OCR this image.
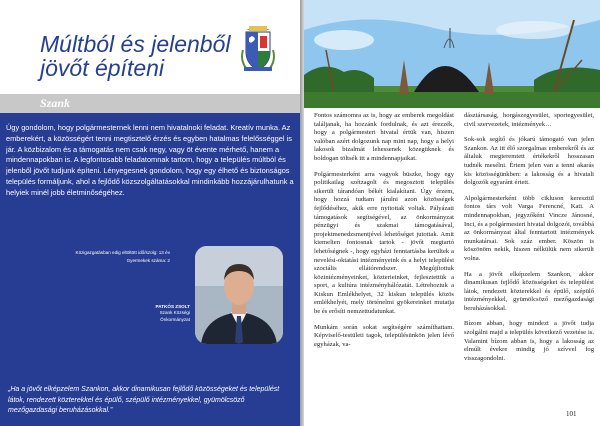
Múltból és jelenből
jövőt építeni
Szank

Úgy gondolom, hogy polgármesternek lenni nem hivatalnoki feladat. Kreatív munka. Az emberekért, a közösségért tenni megtisztelő érzés és egyben hatalmas felelősséggel is jár. A közbizalom és a támogatás nem csak negy, vagy öt évente mérhető, hanem a mindennapokban is. A legfontosabb feladatomnak tartom, hogy a település múltból és jelenből jövőt tudjunk építeni. Lényegesnek gondolom, hogy egy élhető és biztonságos település formáljunk, ahol a fejlődő közszolgáltatásokkal mindinkább hozzájárulhatunk a helyiek minél jobb életminőségéhez.

PATKÓS ZSOLT
Szank Községi
Önkormányzat
Közigazgatásban edig eltöltött idő/szolg: 13 év
Gyermekek száma: 2

„Ha a jövőt elképzelem Szankon, akkor dinamikusan fejlődő közösségeket és települést látok, rendezett közterekkel és épülő, szépülő intézményekkel, gyümölcsöző mezőgazdasági beruházásokkal.”

Fontos számomra az is, hogy az emberek megoldást találjanak, ha hozzánk fordulnak, és azt érezzék, hogy a polgármesteri hivatal értük van, hiszen valóban azért dolgozunk nap mint nap, hogy a helyi lakosok bizalmát lehessenek közegüknek és boldogan töltsék itt a mindennapjaikat.

Polgármesterként arra vagyok büszke, hogy egy politikailag szétzagolt és megosztott település sikerült tárandóan békét kialakítani. Úgy érzem, hogy hozzá tudtam járulni azon közösségek fejlődéséhez, akik erre nyitottak voltak. Pályázati támogatások segítségével, az önkormányzat pénzügyi és szakmai támogatásával, projektmenedzsmentjével lehetőséget jutottak. Amit kiemelten fontosnak tartok - jövőt megtartó lehetőségnek -, hogy egyházi fenntartásba kerültek a nevelési-oktatási intézményeink és a helyi települési szociális ellátórendszer. Megújítottuk közintézményeinket, közterieinket, fejlesztettük a sport, a kultúra intézményhálózatát. Létrehoztuk a Kiskun Emlékhelyet, 32 kiskun település közös emlékhelyét, mely történelmi gyökereinket mutatja be és erősíti nemzettudatunkat.

Munkám során sokat segítségére számíthattam. Képviselő-testületi tagok, településünkön jelen lévő egyházak, va-

dásztársaság, horgászegyesület, sportegyesület, civil szervezetek, intézmények…

Sok-sok segítő és jókarú támogató van jelen Szankon. Az itt élő szorgalmas emberekről és az általuk megteremtett értékekről hosszasan tudnék mesélni. Értem jelen van a tenni akarás kis közösségünkben: a lakosság és a hivatali dolgozók egyaránt értett.

Alpolgármesterként több cikluson keresztül fontos társ volt Varga Ferencné, Kati. A mindennapokban, jegyzőként Vincze Jánosné, Inci, és a polgármesteri hivatal dolgozói, továbbá az önkormányzat által fenntartott intézmények munkatársai. Sok száz ember. Köszön is köszönöm nekik, hiszen nélkülük nem sikerült volna.

Ha a jövőt elképzelem Szankon, akkor dinamikusan fejlődő közösségeket és települést látok, rendezett közterekkel és épülő, szépülő intézményekkel, gyümölcsöző mezőgazdasági beruházásokkal.

Bízom abban, hogy mindezt a jövőt tudja szolgálni majd a település következő vezetése is. Valamint bízom abban is, hogy a lakosság az elmúlt évekre mindig jó szívvel fog visszagondolni.

101
